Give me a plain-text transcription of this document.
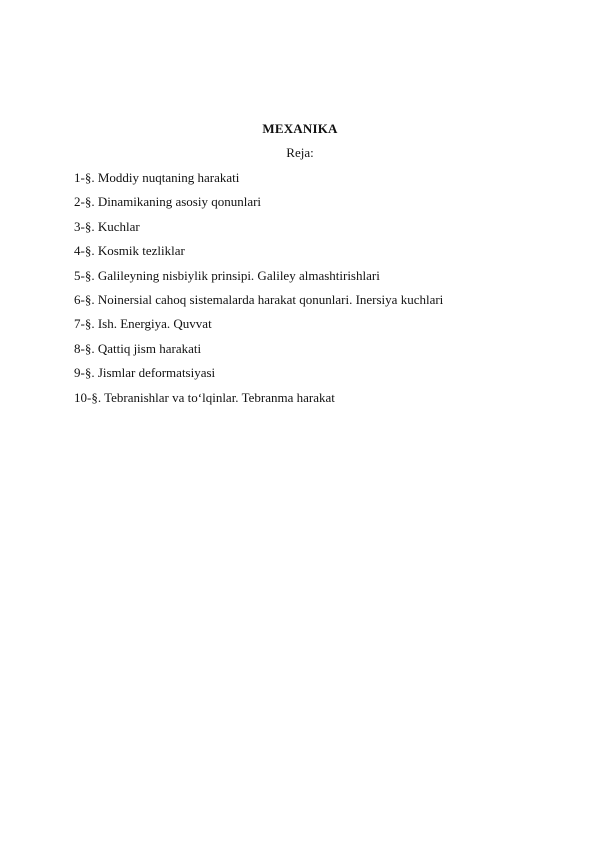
MEXANIKA
Reja:
1-§. Moddiy nuqtaning harakati
2-§. Dinamikaning asosiy qonunlari
3-§. Kuchlar
4-§. Kosmik tezliklar
5-§. Galileyning nisbiylik prinsipi. Galiley almashtirishlari
6-§. Noinersial cahoq sistemalarda harakat qonunlari. Inersiya kuchlari
7-§. Ish. Energiya. Quvvat
8-§. Qattiq jism harakati
9-§. Jismlar deformatsiyasi
10-§. Tebranishlar va to‘lqinlar. Tebranma harakat
